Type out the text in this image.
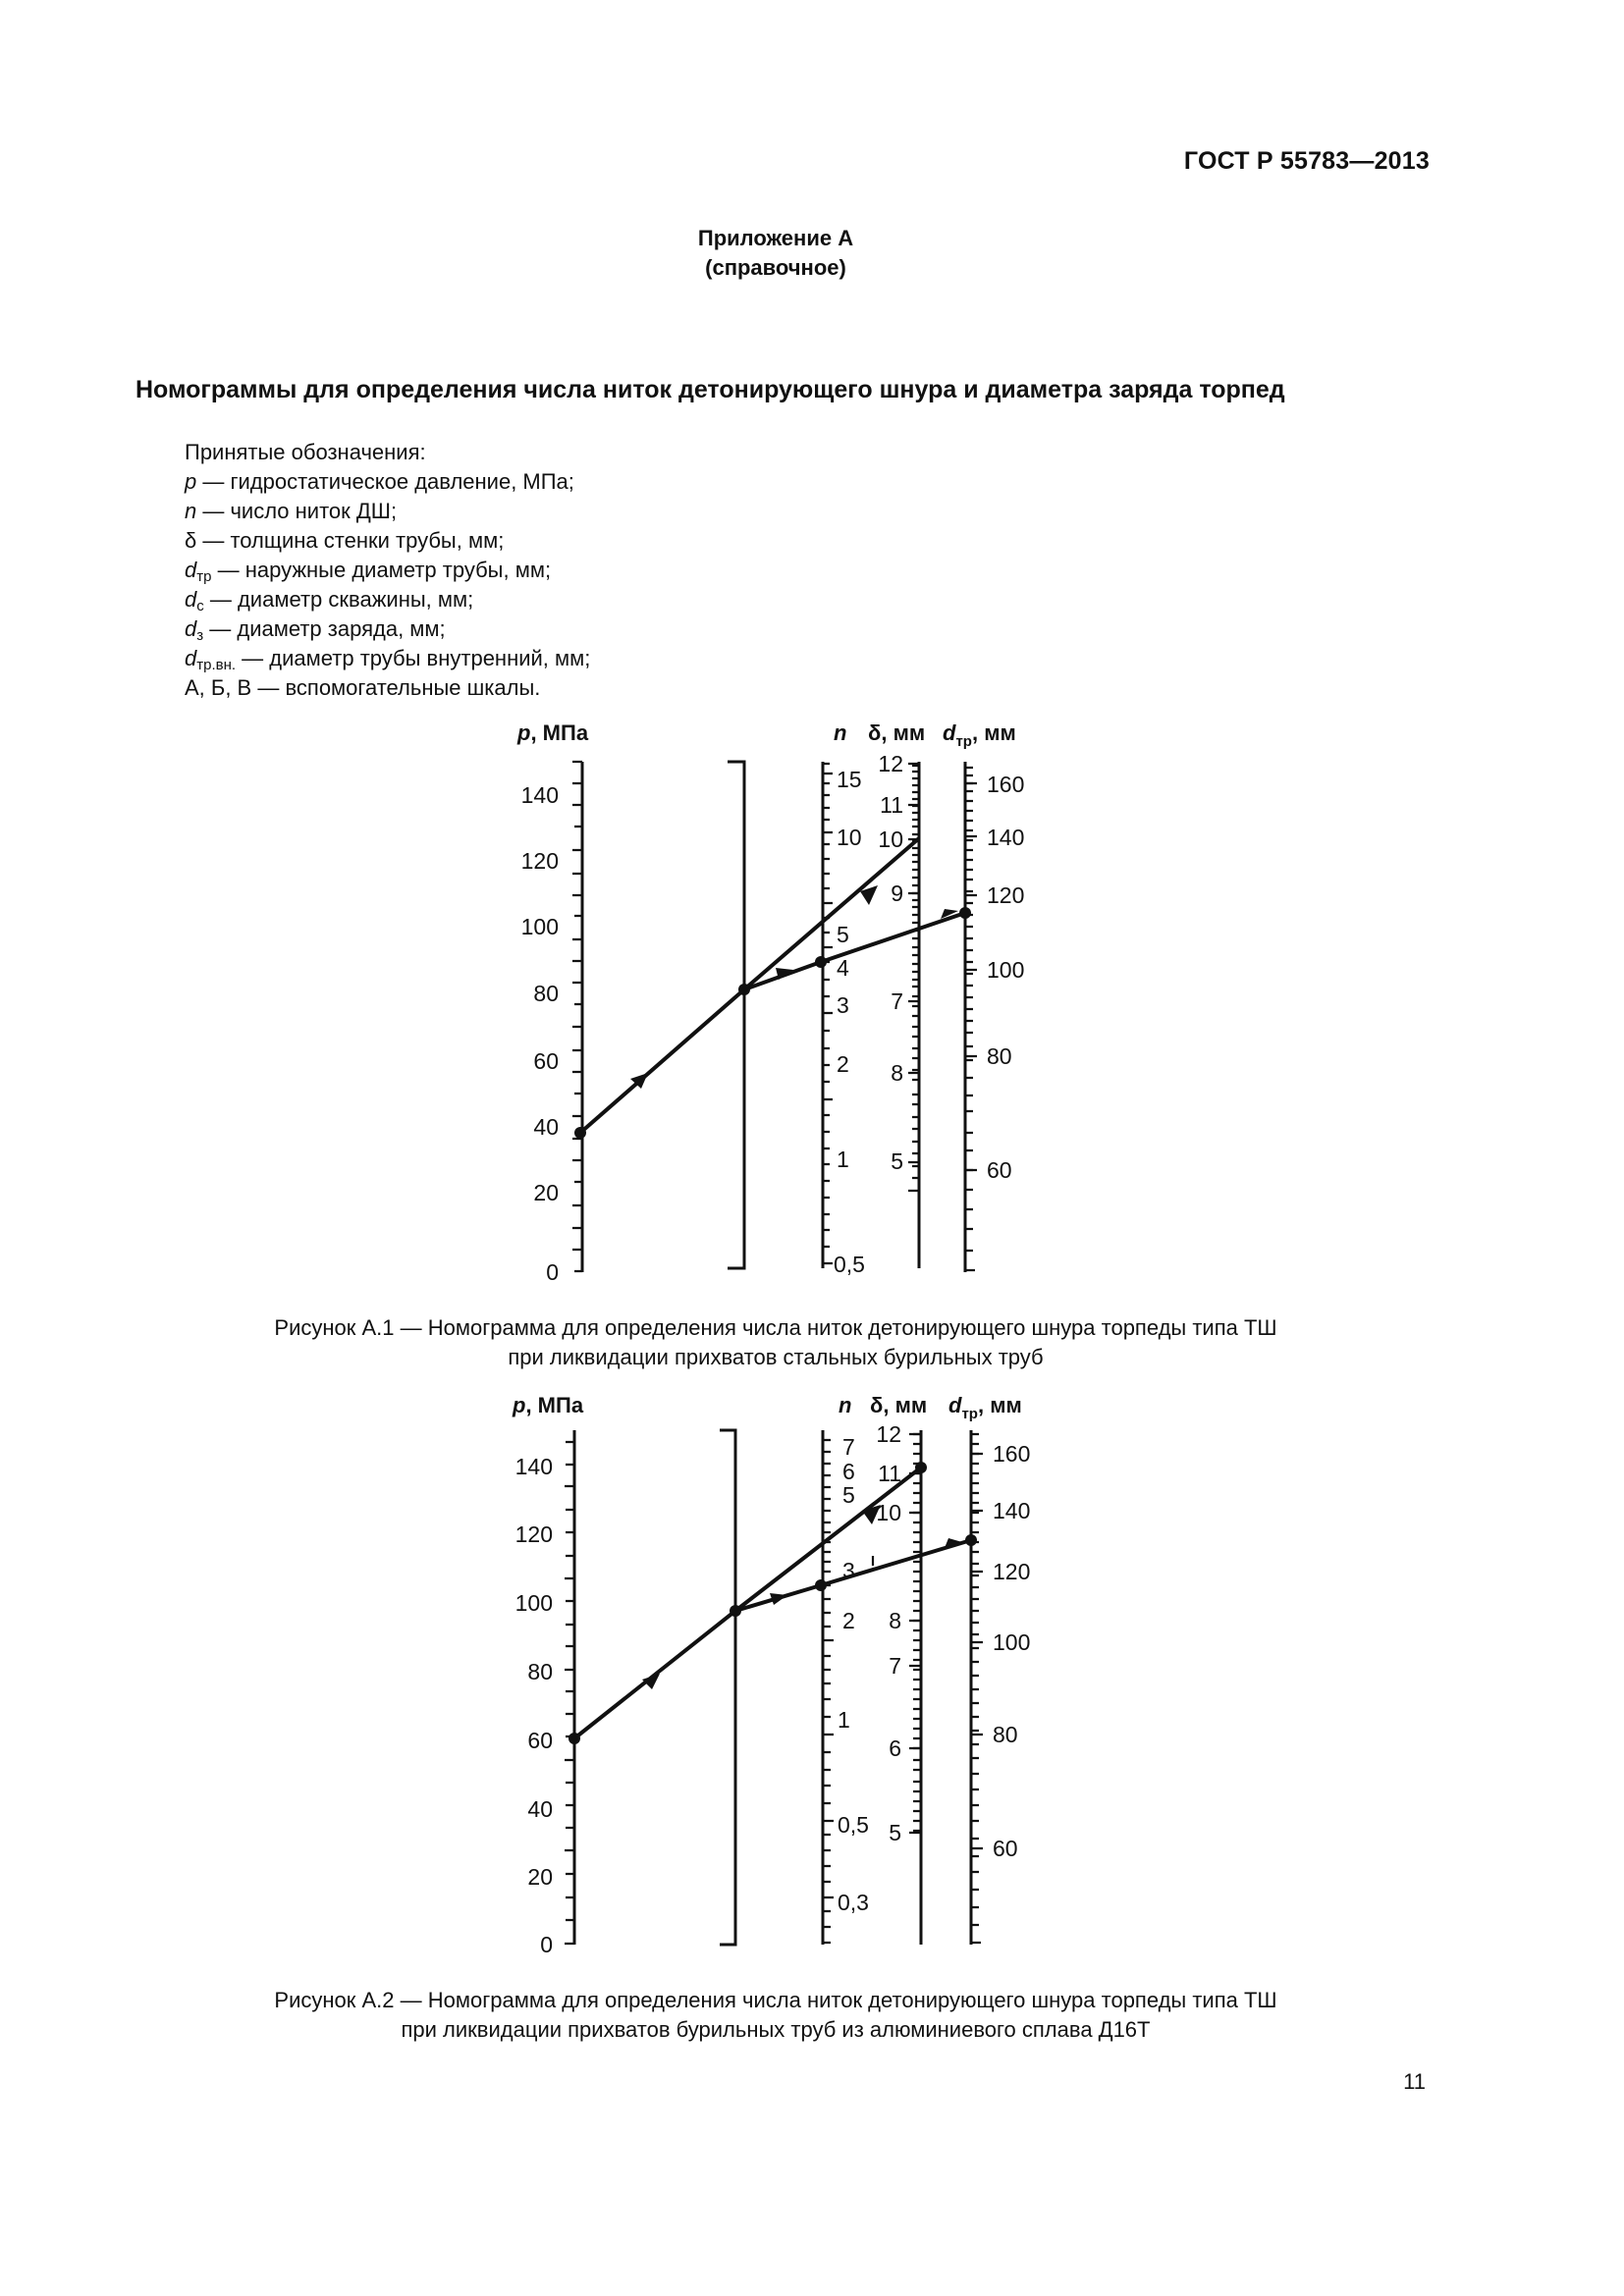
ГОСТ Р 55783—2013
Приложение А
(справочное)
Номограммы для определения числа ниток детонирующего шнура и диаметра заряда торпед
Принятые обозначения:
p — гидростатическое давление, МПа;
n — число ниток ДШ;
δ — толщина стенки трубы, мм;
$d_{тр}$ — наружные диаметр трубы, мм;
$d_с$ — диаметр скважины, мм;
$d_з$ — диаметр заряда, мм;
$d_{тр.вн.}$ — диаметр трубы внутренний, мм;
А, Б, В — вспомогательные шкалы.
p, МПа	n δ, мм $d_{тр}$, мм
0
20
40
60
80
100
120
140
0,5
1
2
3
4
5
10
15
5
8
7
9
10
11
12
60
80
100
120
140
160
Рисунок А.1 — Номограмма для определения числа ниток детонирующего шнура торпеды типа ТШ
при ликвидации прихватов стальных бурильных труб
p, МПа	n δ, мм $d_{тр}$, мм
0
20
40
60
80
100
120
140
0,3
0,5
1
2
3
5
6
7
5
6
7
8
10
11
12
60
80
100
120
140
160
Рисунок А.2 — Номограмма для определения числа ниток детонирующего шнура торпеды типа ТШ
при ликвидации прихватов бурильных труб из алюминиевого сплава Д16Т
11
